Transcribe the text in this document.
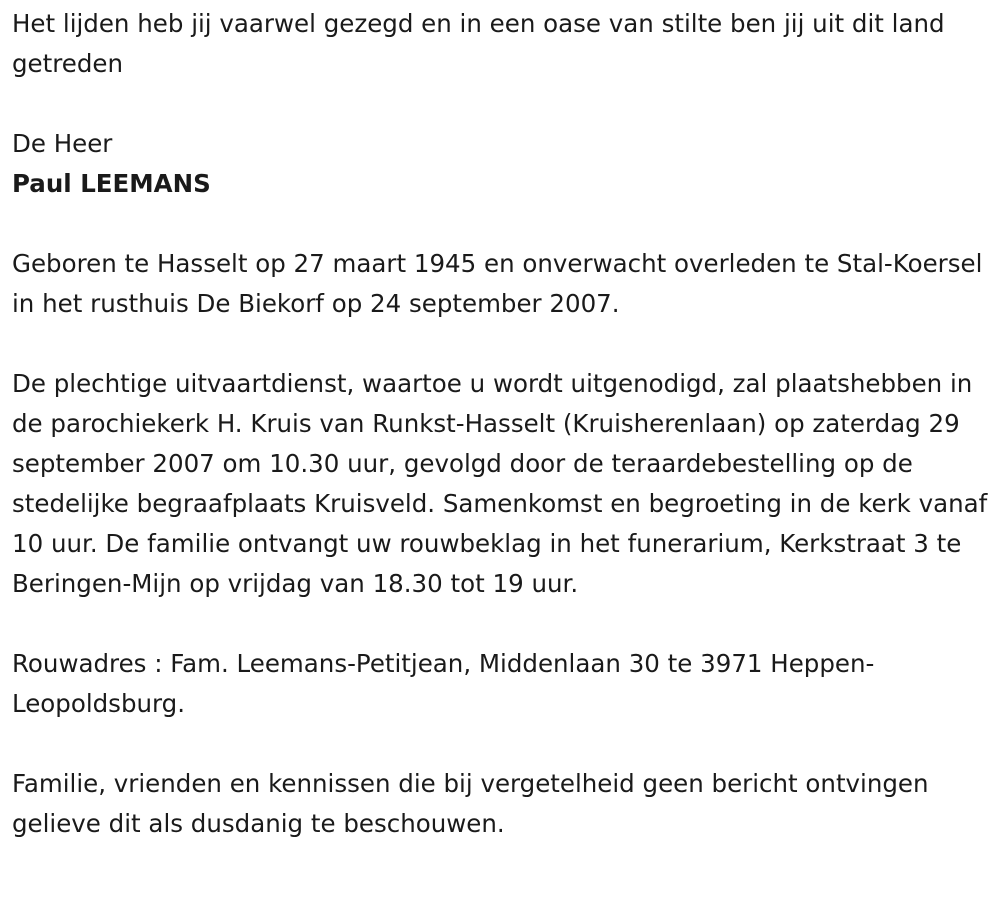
Het lijden heb jij vaarwel gezegd en in een oase van stilte ben jij uit dit land getreden

De Heer

Paul LEEMANS

Geboren te Hasselt op 27 maart 1945 en onverwacht overleden te Stal-Koersel in het rusthuis De Biekorf op 24 september 2007.

De plechtige uitvaartdienst, waartoe u wordt uitgenodigd, zal plaatshebben in de parochiekerk H. Kruis van Runkst-Hasselt (Kruisherenlaan) op zaterdag 29 september 2007 om 10.30 uur, gevolgd door de teraardebestelling op de stedelijke begraafplaats Kruisveld. Samenkomst en begroeting in de kerk vanaf 10 uur. De familie ontvangt uw rouwbeklag in het funerarium, Kerkstraat 3 te Beringen-Mijn op vrijdag van 18.30 tot 19 uur.

Rouwadres : Fam. Leemans-Petitjean, Middenlaan 30 te 3971 Heppen-Leopoldsburg.

Familie, vrienden en kennissen die bij vergetelheid geen bericht ontvingen gelieve dit als dusdanig te beschouwen.
